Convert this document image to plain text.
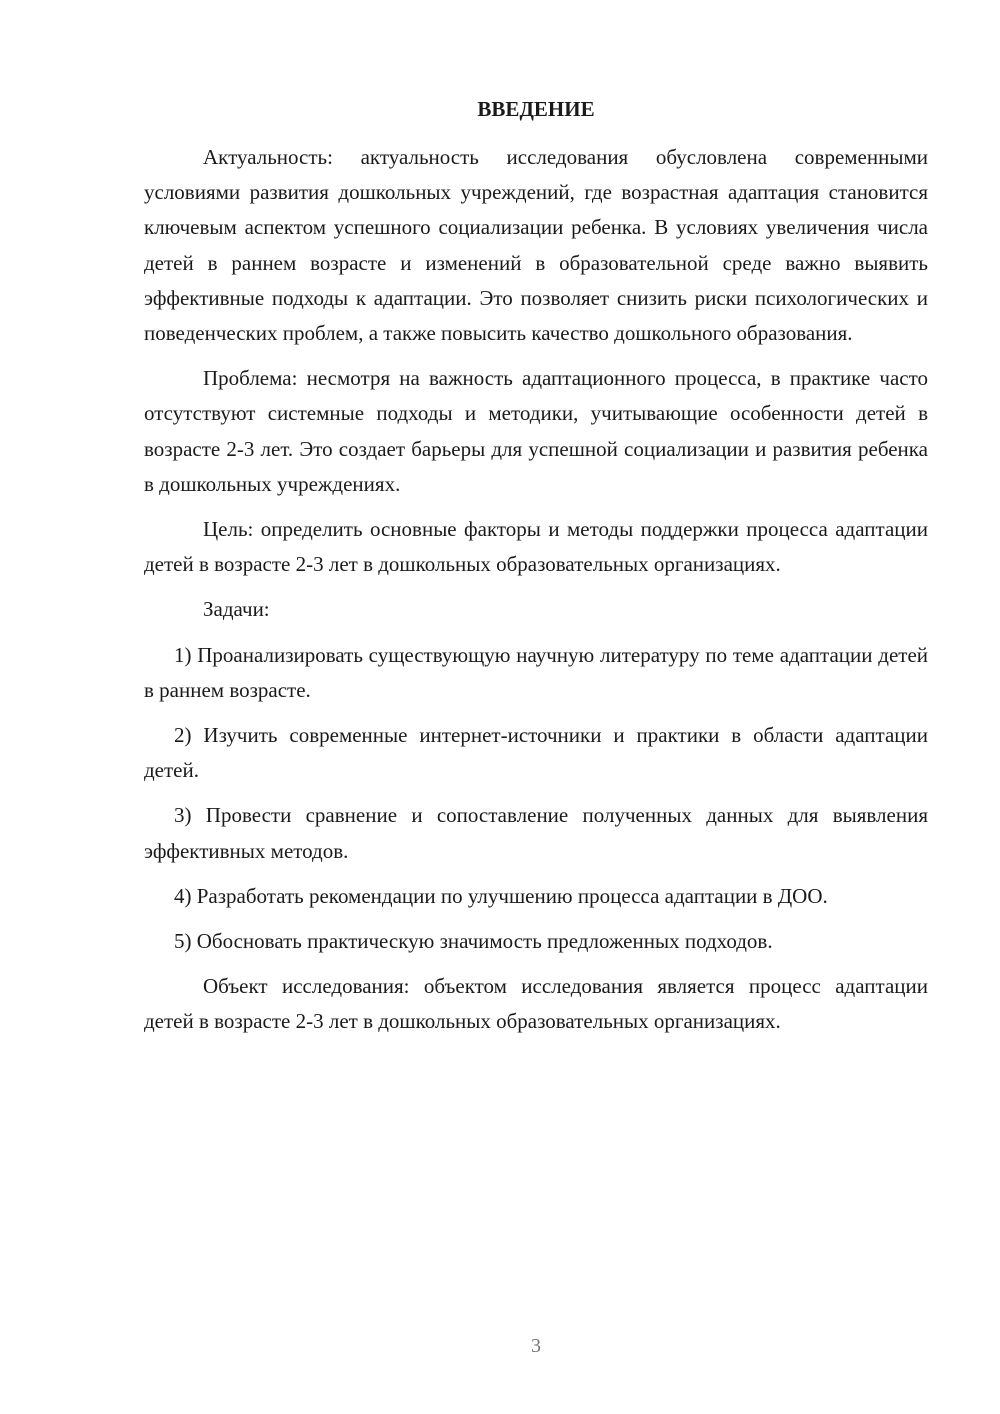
ВВЕДЕНИЕ

Актуальность: актуальность исследования обусловлена современными условиями развития дошкольных учреждений, где возрастная адаптация становится ключевым аспектом успешного социализации ребенка. В условиях увеличения числа детей в раннем возрасте и изменений в образовательной среде важно выявить эффективные подходы к адаптации. Это позволяет снизить риски психологических и поведенческих проблем, а также повысить качество дошкольного образования.

Проблема: несмотря на важность адаптационного процесса, в практике часто отсутствуют системные подходы и методики, учитывающие особенности детей в возрасте 2-3 лет. Это создает барьеры для успешной социализации и развития ребенка в дошкольных учреждениях.

Цель: определить основные факторы и методы поддержки процесса адаптации детей в возрасте 2-3 лет в дошкольных образовательных организациях.

Задачи:

1) Проанализировать существующую научную литературу по теме адаптации детей в раннем возрасте.

2) Изучить современные интернет-источники и практики в области адаптации детей.

3) Провести сравнение и сопоставление полученных данных для выявления эффективных методов.

4) Разработать рекомендации по улучшению процесса адаптации в ДОО.

5) Обосновать практическую значимость предложенных подходов.

Объект исследования: объектом исследования является процесс адаптации детей в возрасте 2-3 лет в дошкольных образовательных организациях.

3
